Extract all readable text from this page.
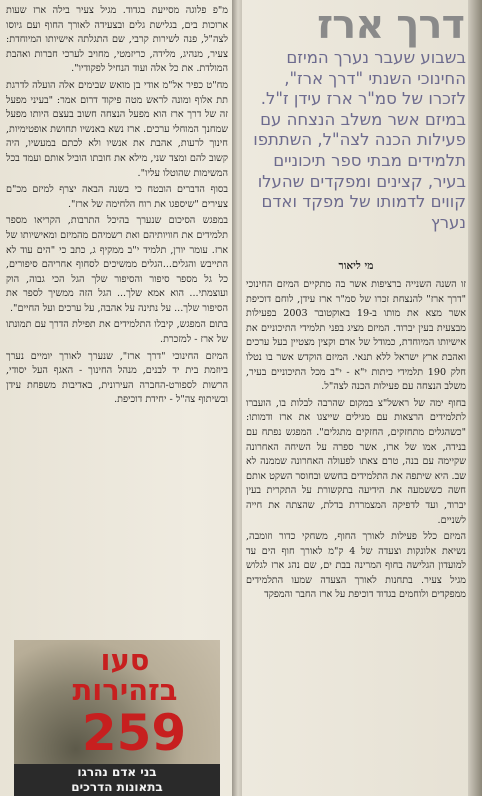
דרך ארז
בשבוע שעבר נערך המיזם החינוכי השנתי "דרך ארז", לזכרו של סמ"ר ארז עידן ז"ל. במיזם אשר משלב הנצחה עם פעילות הכנה לצה"ל, השתתפו תלמידים מבתי ספר תיכוניים בעיר, קצינים ומפקדים שהעלו קווים לדמותו של מפקד ואדם נערץ
מי ליאור

זו השנה השנייה ברציפות אשר בה מתקיים המיזם החינוכי "דרך ארז" להנצחת זכרו של סמ"ר ארז עידן, לוחם דוכיפת אשר מצא את מותו ב-19 באוקטובר 2003 בפעילות מבצעית בעין יברוד. המיזם מציג בפני תלמידי התיכוניים את אישיותו המיוחדת, כמודל של אדם וקצין מצטיין בעל ערכים ואהבת ארץ ישראל ללא תנאי. המיזם הוקדש אשר בו נטלו חלק 190 תלמידי כיתות י"א - י"ב מכל התיכוניים בעיר, משלב הנצחה עם פעילות הכנה לצה"ל.

בחוף ימה של ראשל"צ במקום שהרבה לבלות בו, הועברו לתלמידים הרצאות עם מגילים שייצגו את ארז ודמותו: "כשהגלים מתחזקים, החזקים מתגלים". המפגש נפתח עם בנידה, אמו של ארז, אשר ספרה על השיחה האחרונה שקיימה עם בנה, טרם צאתו לפעולה האחרונה שממנה לא שב. היא שיתפה את התלמידים בחשש ובחוסר השקט אותם חשה כששמעה את הידיעה בתקשורת על התקרית בעין יברוד, ועד לדפיקה המצמררת בדלת, שהצתה את חייה לשניים.

המיזם כלל פעילות לאורך החוף, משחקי כדור וזומבה, נשיאת אלונקות וצעדה של 4 ק"מ לאורך חוף הים עד למועדון הגלישה בחוף המרינה בבת ים, שם נהג ארז לגלוש מגיל צעיר. בתחנות לאורך הצעדה שמעו התלמידים ממפקדים ולוחמים בגדוד דוכיפת על ארז החבר והמפקד

מ"פ פלוגה מסייעת בגדוד. מגיל צעיר בילה ארז שעות ארוכות בים, בגלישת גלים ובצעידה לאורך החוף ועם גיוסו לצה"ל, פנה לשירות קרבי, שם התגלתה אישיותו המיוחדת: צעיר, מנהיג, מלידה, כריזמטי, מחויב לערכי חברות ואהבת המולדת. את כל אלה ועוד הנחיל לפקודיו".

מח"ט כפיר אל"מ אודי בן מואש שבימים אלה הועלה לדרגת תת אלוף ומונה לראש מטה פיקוד דרום אמר: "בעיני מפעל זה של דרך ארז הוא מפעל הנצחה חשוב בעצם היותו מפעל שמחנך המוחלי ערכים. ארז נשא באנשיו תחושת אופטימיות, חינוך לרעות, אהבת את אנשיו ולא לכתם במעשיו, היה קשוב להם ומצד שני, מילא את חובתו הוביל אותם ועמד בכל המשימות שהוטלו עליו".

בסוף הדברים הובטח כי בשנה הבאה יצרף למיזם מכ"ם צעירים "שיספגו את רוח הלחימה של ארז".

במפגש הסיכום שנערך בהיכל התרבות, הקריאו מספר תלמידים את חוויותיהם ואת רשמיהם מהמיזם ומאישיותו של ארז. עומר יורן, תלמיד י"ב ממקיף ג, כתב כי "הים עוד לא התייבש והגלים...הגלים ממשיכים לסחוף אחריהם סיפורים, כל גל מספר סיפור והסיפור שלך הגל הכי גבוה, הוק ועוצמתי... הוא אמא שלך... הגל הזה ממשיך לספר את הסיפור שלך... על נתינה על אהבה, על ערכים ועל החיים".

בתום המפגש, קיבלו התלמידים את תפילת הדרך עם תמונתו של ארז - למזכרת.

המיזם החינוכי "דרך ארז", שנערך לאורך יומיים נערך ביוזמת בית יד לבנים, מנהל החינוך - האגף העל יסודי, הרשות לספורט-החברה העירונית, באדיבות משפחת עידן ובשיתוף צה"ל - יחידת דוכיפת.

סעו
בזהירות
259
בני אדם נהרגו
בתאונות הדרכים
